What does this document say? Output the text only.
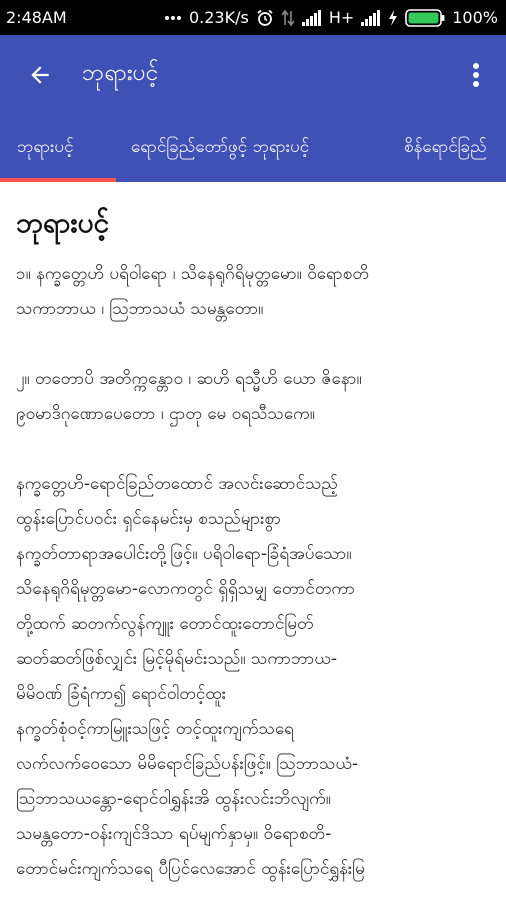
2:48AM	0.23K/s	H+	100%
ဘုရားပင့်
ဘုရားပင့်	ရောင်ခြည်တော်ဖွင့် ဘုရားပင့်	စိန်ရောင်ခြည်
ဘုရားပင့်
၁။ နက္ခတ္တေဟိ ပရိဝါရော ၊ သိနေရုဂိရိမုတ္တမော။ ဝိရောစတိ
သကာဘာယ ၊ သြဘာသယံ သမန္တတော။
၂။ တတောပိ အတိက္ကန္တော၀ ၊ ဆဟိ ရသ္မီဟိ ယော ဇိနော။
၉၀မာဒိဂုဏောပေတော ၊ ဌာတု မေ ၀ရသီသကေ။
နက္ခတ္တေဟိ-ရောင်ခြည်တထောင် အလင်းဆောင်သည့်
ထွန်းပြောင်ပဝင်း ရှင်နေမင်းမှ စသည်များစွာ
နက္ခတ်တာရာအပေါင်းတို့ဖြင့်။ ပရိဝါရော-ခြံရံအပ်သော။
သိနေရုဂိရိမုတ္တမော-လောကတွင် ရှိရှိသမျှ တောင်တကာ
တို့ထက် ဆတက်လွန်ကျူး တောင်ထူးတောင်မြတ်
ဆတ်ဆတ်ဖြစ်လျှင်း မြင့်မိုရ်မင်းသည်။ သကာဘာယ-
မိမိ၀ဏ် ခြံရံကာ၍ ရောင်ဝါတင့်ထူး
နက္ခတ်စုံဝင့်ကာမြူးသဖြင့် တင့်ထူးကျက်သရေ
လက်လက်ဝေသော မိမိရောင်ခြည်ပန်းဖြင့်။ သြဘာသယံ-
သြဘာသယန္တော-ရောင်ဝါရွှန်းအိ ထွန်းလင်းဘိလျက်။
သမန္တတော-ဝန်းကျင်ဒိသာ ရပ်မျက်နှာမှ။ ဝိရောစတိ-
တောင်မင်းကျက်သရေ ပီပြင်လေအောင် ထွန်းပြောင်ရွှန်းမြ
